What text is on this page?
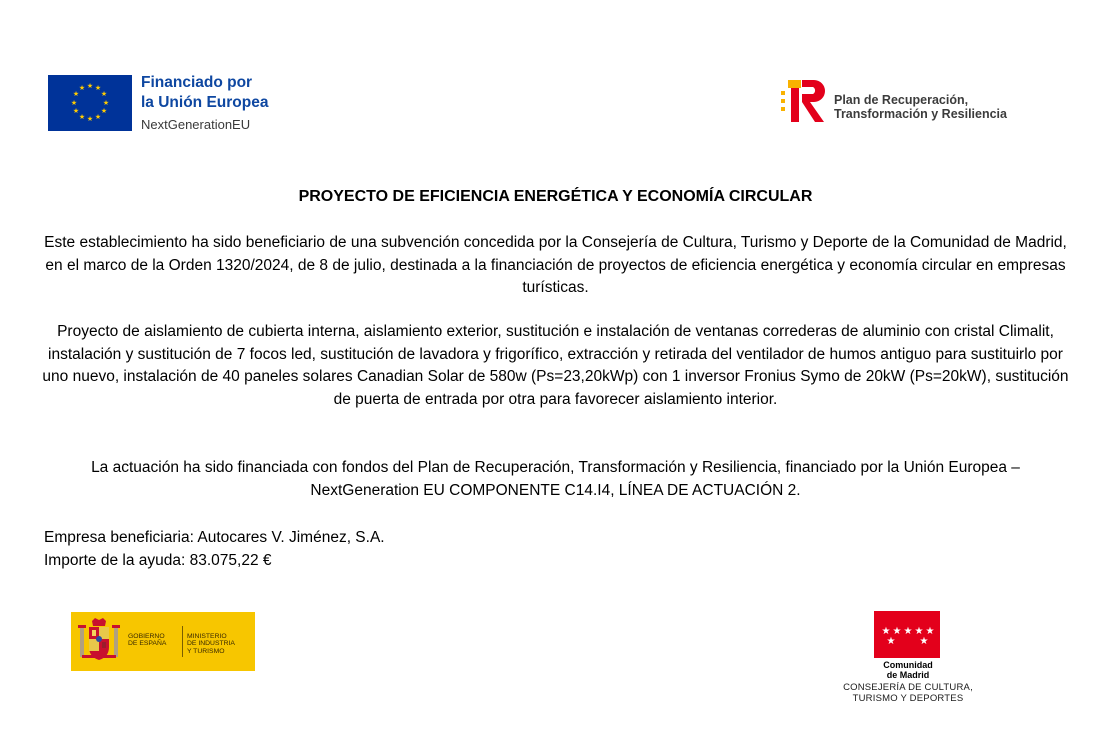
★ ★
★
★
★
★
★
★
★
★
★
★	Financiado por
la Unión Europea
NextGenerationEU
Plan de Recuperación,
Transformación y Resiliencia
PROYECTO DE EFICIENCIA ENERGÉTICA Y ECONOMÍA CIRCULAR
Este establecimiento ha sido beneficiario de una subvención concedida por la Consejería de Cultura, Turismo y Deporte de la Comunidad de Madrid, en el marco de la Orden 1320/2024, de 8 de julio, destinada a la financiación de proyectos de eficiencia energética y economía circular en empresas turísticas.
Proyecto de aislamiento de cubierta interna, aislamiento exterior, sustitución e instalación de ventanas correderas de aluminio con cristal Climalit, instalación y sustitución de 7 focos led, sustitución de lavadora y frigorífico, extracción y retirada del ventilador de humos antiguo para sustituirlo por uno nuevo, instalación de 40 paneles solares Canadian Solar de 580w (Ps=23,20kWp) con 1 inversor Fronius Symo de 20kW (Ps=20kW), sustitución de puerta de entrada por otra para favorecer aislamiento interior.
La actuación ha sido financiada con fondos del Plan de Recuperación, Transformación y Resiliencia, financiado por la Unión Europea – NextGeneration EU COMPONENTE C14.I4, LÍNEA DE ACTUACIÓN 2.
Empresa beneficiaria: Autocares V. Jiménez, S.A.
Importe de la ayuda: 83.075,22 €
GOBIERNO
DE ESPAÑA
MINISTERIO
DE INDUSTRIA
Y TURISMO
★ ★ ★ ★ ★
★ ★
Comunidad
de Madrid
CONSEJERÍA DE CULTURA,
TURISMO Y DEPORTES
